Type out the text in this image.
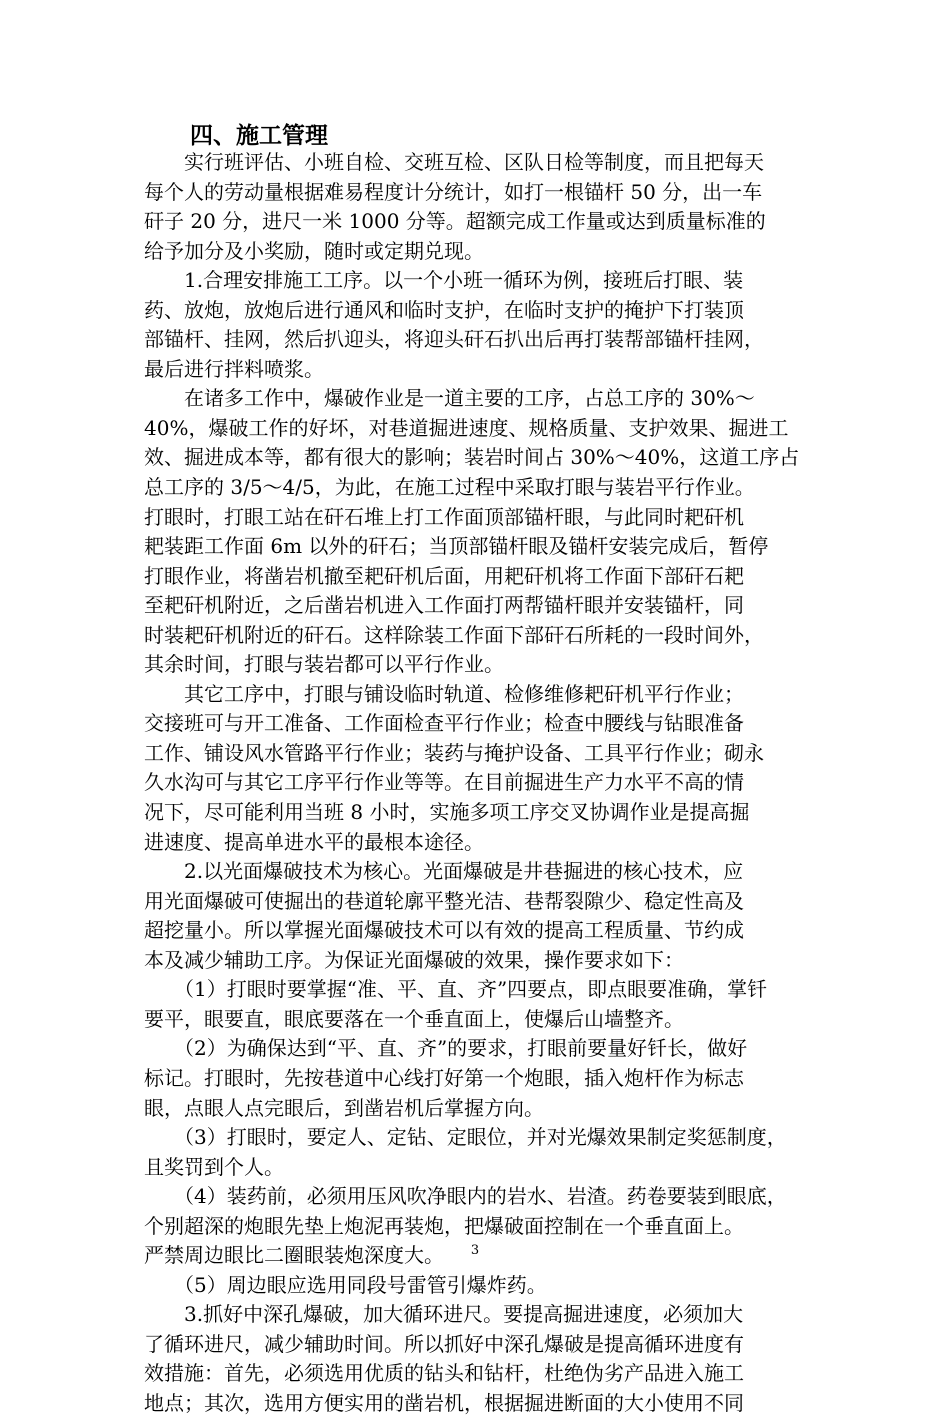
四、施工管理
　　实行班评估、小班自检、交班互检、区队日检等制度，而且把每天
每个人的劳动量根据难易程度计分统计，如打一根锚杆 50 分，出一车
矸子 20 分，进尺一米 1000 分等。超额完成工作量或达到质量标准的
给予加分及小奖励，随时或定期兑现。
　　1.合理安排施工工序。以一个小班一循环为例，接班后打眼、装
药、放炮，放炮后进行通风和临时支护，在临时支护的掩护下打装顶
部锚杆、挂网，然后扒迎头，将迎头矸石扒出后再打装帮部锚杆挂网，
最后进行拌料喷浆。
　　在诸多工作中，爆破作业是一道主要的工序，占总工序的 30%～
40%，爆破工作的好坏，对巷道掘进速度、规格质量、支护效果、掘进工
效、掘进成本等，都有很大的影响；装岩时间占 30%～40%，这道工序占
总工序的 3/5～4/5，为此，在施工过程中采取打眼与装岩平行作业。
打眼时，打眼工站在矸石堆上打工作面顶部锚杆眼，与此同时耙矸机
耙装距工作面 6m 以外的矸石；当顶部锚杆眼及锚杆安装完成后，暂停
打眼作业，将凿岩机撤至耙矸机后面，用耙矸机将工作面下部矸石耙
至耙矸机附近，之后凿岩机进入工作面打两帮锚杆眼并安装锚杆，同
时装耙矸机附近的矸石。这样除装工作面下部矸石所耗的一段时间外，
其余时间，打眼与装岩都可以平行作业。
　　其它工序中，打眼与铺设临时轨道、检修维修耙矸机平行作业；
交接班可与开工准备、工作面检查平行作业；检查中腰线与钻眼准备
工作、铺设风水管路平行作业；装药与掩护设备、工具平行作业；砌永
久水沟可与其它工序平行作业等等。在目前掘进生产力水平不高的情
况下，尽可能利用当班 8 小时，实施多项工序交叉协调作业是提高掘
进速度、提高单进水平的最根本途径。
　　2.以光面爆破技术为核心。光面爆破是井巷掘进的核心技术，应
用光面爆破可使掘出的巷道轮廓平整光洁、巷帮裂隙少、稳定性高及
超挖量小。所以掌握光面爆破技术可以有效的提高工程质量、节约成
本及减少辅助工序。为保证光面爆破的效果，操作要求如下：
　　（1）打眼时要掌握“准、平、直、齐”四要点，即点眼要准确，掌钎
要平，眼要直，眼底要落在一个垂直面上，使爆后山墙整齐。
　　（2）为确保达到“平、直、齐”的要求，打眼前要量好钎长，做好
标记。打眼时，先按巷道中心线打好第一个炮眼，插入炮杆作为标志
眼，点眼人点完眼后，到凿岩机后掌握方向。
　　（3）打眼时，要定人、定钻、定眼位，并对光爆效果制定奖惩制度，
且奖罚到个人。
　　（4）装药前，必须用压风吹净眼内的岩水、岩渣。药卷要装到眼底，
个别超深的炮眼先垫上炮泥再装炮，把爆破面控制在一个垂直面上。
严禁周边眼比二圈眼装炮深度大。
　　（5）周边眼应选用同段号雷管引爆炸药。
　　3.抓好中深孔爆破，加大循环进尺。要提高掘进速度，必须加大
了循环进尺，减少辅助时间。所以抓好中深孔爆破是提高循环进度有
效措施：首先，必须选用优质的钻头和钻杆，杜绝伪劣产品进入施工
地点；其次，选用方便实用的凿岩机，根据掘进断面的大小使用不同
3
